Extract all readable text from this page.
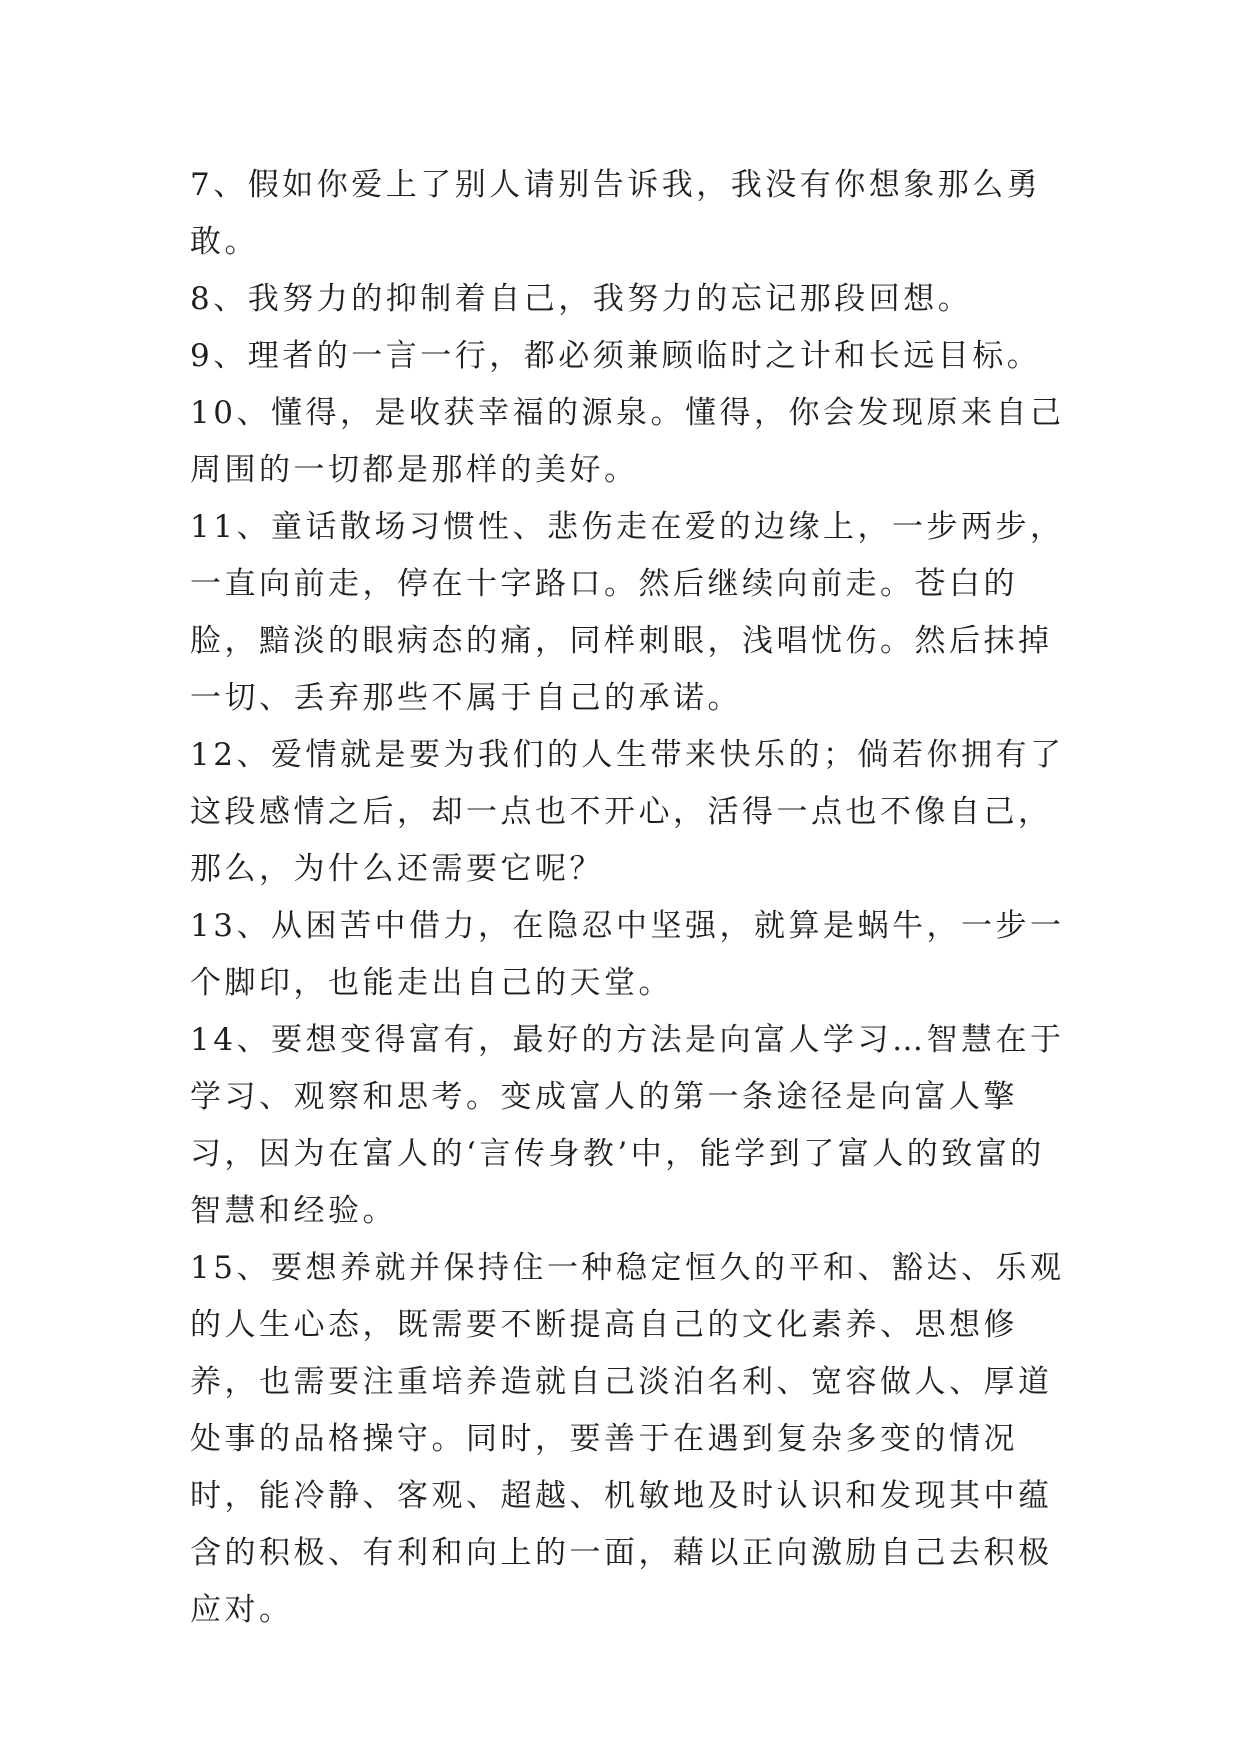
7、假如你爱上了别人请别告诉我，我没有你想象那么勇敢。

8、我努力的抑制着自己，我努力的忘记那段回想。

9、理者的一言一行，都必须兼顾临时之计和长远目标。

10、懂得，是收获幸福的源泉。懂得，你会发现原来自己周围的一切都是那样的美好。

11、童话散场习惯性、悲伤走在爱的边缘上，一步两步，一直向前走，停在十字路口。然后继续向前走。苍白的脸，黯淡的眼病态的痛，同样刺眼，浅唱忧伤。然后抹掉一切、丢弃那些不属于自己的承诺。

12、爱情就是要为我们的人生带来快乐的；倘若你拥有了这段感情之后，却一点也不开心，活得一点也不像自己，那么，为什么还需要它呢？

13、从困苦中借力，在隐忍中坚强，就算是蜗牛，一步一个脚印，也能走出自己的天堂。

14、要想变得富有，最好的方法是向富人学习…智慧在于学习、观察和思考。变成富人的第一条途径是向富人擎习，因为在富人的‘言传身教’中，能学到了富人的致富的智慧和经验。

15、要想养就并保持住一种稳定恒久的平和、豁达、乐观的人生心态，既需要不断提高自己的文化素养、思想修养，也需要注重培养造就自己淡泊名利、宽容做人、厚道处事的品格操守。同时，要善于在遇到复杂多变的情况时，能冷静、客观、超越、机敏地及时认识和发现其中蕴含的积极、有利和向上的一面，藉以正向激励自己去积极应对。
